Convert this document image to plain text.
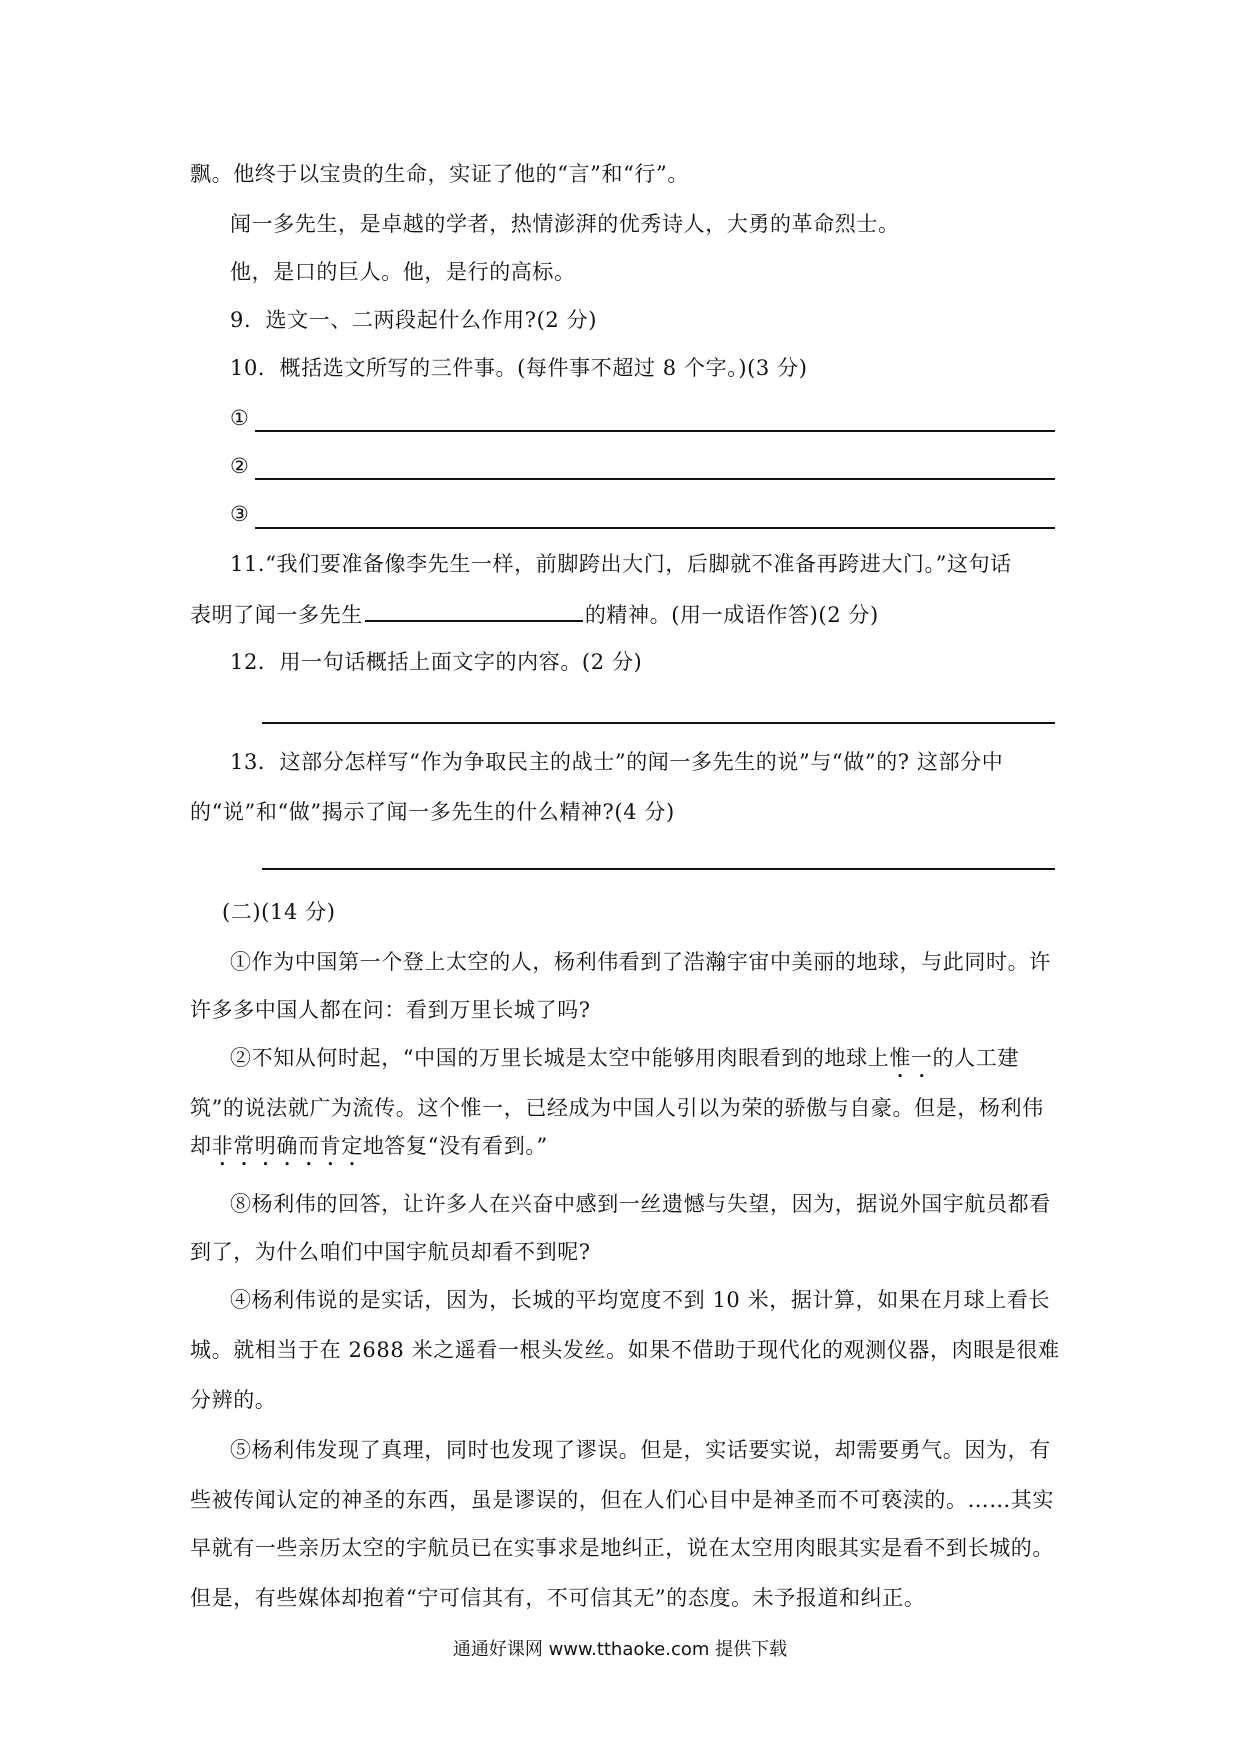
飘。他终于以宝贵的生命，实证了他的“言”和“行”。
闻一多先生，是卓越的学者，热情澎湃的优秀诗人，大勇的革命烈士。
他，是口的巨人。他，是行的高标。
9．选文一、二两段起什么作用?(2 分)
10．概括选文所写的三件事。(每件事不超过 8 个字。)(3 分)
①
②
③
11.“我们要准备像李先生一样，前脚跨出大门，后脚就不准备再跨进大门。”这句话
表明了闻一多先生	的精神。(用一成语作答)(2 分)
12．用一句话概括上面文字的内容。(2 分)
13．这部分怎样写“作为争取民主的战士”的闻一多先生的说”与“做”的? 这部分中
的“说”和“做”揭示了闻一多先生的什么精神?(4 分)
(二)(14 分)
①作为中国第一个登上太空的人，杨利伟看到了浩瀚宇宙中美丽的地球，与此同时。许
许多多中国人都在问：看到万里长城了吗?
②不知从何时起，“中国的万里长城是太空中能够用肉眼看到的地球上惟一的人工建
筑”的说法就广为流传。这个惟一，已经成为中国人引以为荣的骄傲与自豪。但是，杨利伟
却非常明确而肯定地答复“没有看到。”
⑧杨利伟的回答，让许多人在兴奋中感到一丝遗憾与失望，因为，据说外国宇航员都看
到了，为什么咱们中国宇航员却看不到呢?
④杨利伟说的是实话，因为，长城的平均宽度不到 10 米，据计算，如果在月球上看长
城。就相当于在 2688 米之遥看一根头发丝。如果不借助于现代化的观测仪器，肉眼是很难
分辨的。
⑤杨利伟发现了真理，同时也发现了谬误。但是，实话要实说，却需要勇气。因为，有
些被传闻认定的神圣的东西，虽是谬误的，但在人们心目中是神圣而不可亵渎的。……其实
早就有一些亲历太空的宇航员已在实事求是地纠正，说在太空用肉眼其实是看不到长城的。
但是，有些媒体却抱着“宁可信其有，不可信其无”的态度。未予报道和纠正。
通通好课网 www.tthaoke.com 提供下载
